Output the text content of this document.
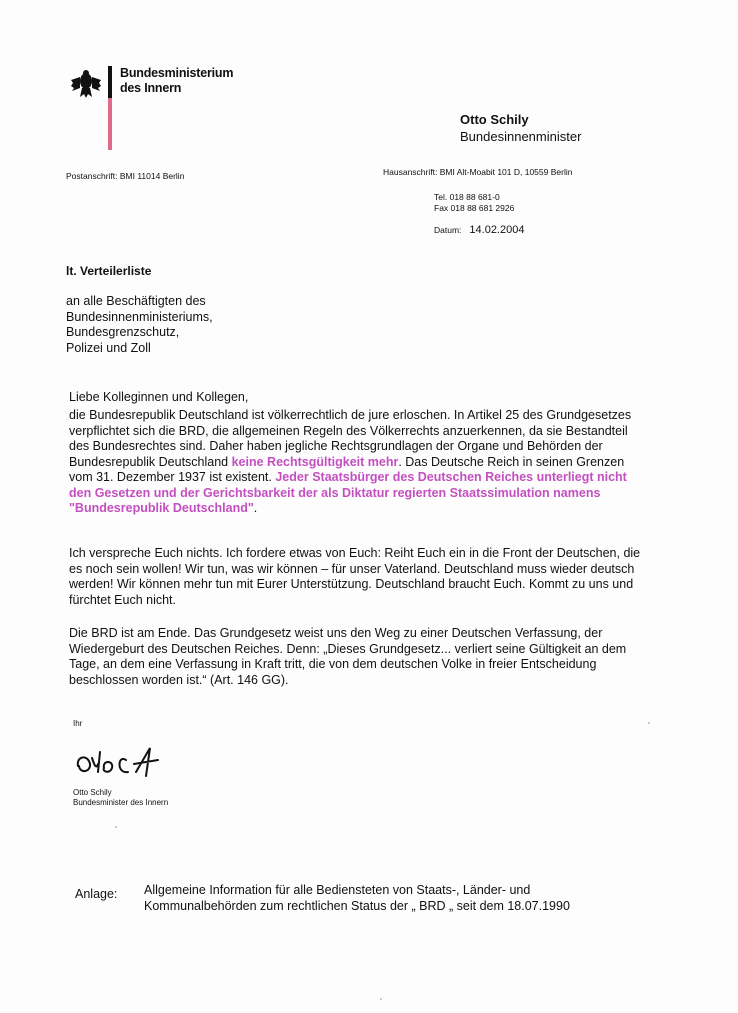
Bundesministerium
des Innern
Otto Schily
Bundesinnenminister
Postanschrift: BMI 11014 Berlin	Hausanschrift: BMI Alt-Moabit 101 D, 10559 Berlin
Tel. 018 88 681-0
Fax 018 88 681 2926
Datum: 14.02.2004
lt. Verteilerliste
an alle Beschäftigten des
Bundesinnenministeriums,
Bundesgrenzschutz,
Polizei und Zoll
Liebe Kolleginnen und Kollegen,
die Bundesrepublik Deutschland ist völkerrechtlich de jure erloschen. In Artikel 25 des Grundgesetzes verpflichtet sich die BRD, die allgemeinen Regeln des Völkerrechts anzuerkennen, da sie Bestandteil des Bundesrechtes sind. Daher haben jegliche Rechtsgrundlagen der Organe und Behörden der Bundesrepublik Deutschland keine Rechtsgültigkeit mehr. Das Deutsche Reich in seinen Grenzen vom 31. Dezember 1937 ist existent. Jeder Staatsbürger des Deutschen Reiches unterliegt nicht den Gesetzen und der Gerichtsbarkeit der als Diktatur regierten Staatssimulation namens "Bundesrepublik Deutschland".
Ich verspreche Euch nichts. Ich fordere etwas von Euch: Reiht Euch ein in die Front der Deutschen, die es noch sein wollen! Wir tun, was wir können – für unser Vaterland. Deutschland muss wieder deutsch werden! Wir können mehr tun mit Eurer Unterstützung. Deutschland braucht Euch. Kommt zu uns und fürchtet Euch nicht.
Die BRD ist am Ende. Das Grundgesetz weist uns den Weg zu einer Deutschen Verfassung, der Wiedergeburt des Deutschen Reiches. Denn: „Dieses Grundgesetz... verliert seine Gültigkeit an dem Tage, an dem eine Verfassung in Kraft tritt, die von dem deutschen Volke in freier Entscheidung beschlossen worden ist.“ (Art. 146 GG).
Ihr
Otto Schily
Bundesminister des Innern
Anlage: Allgemeine Information für alle Bediensteten von Staats-, Länder- und Kommunalbehörden zum rechtlichen Status der „ BRD „ seit dem 18.07.1990
